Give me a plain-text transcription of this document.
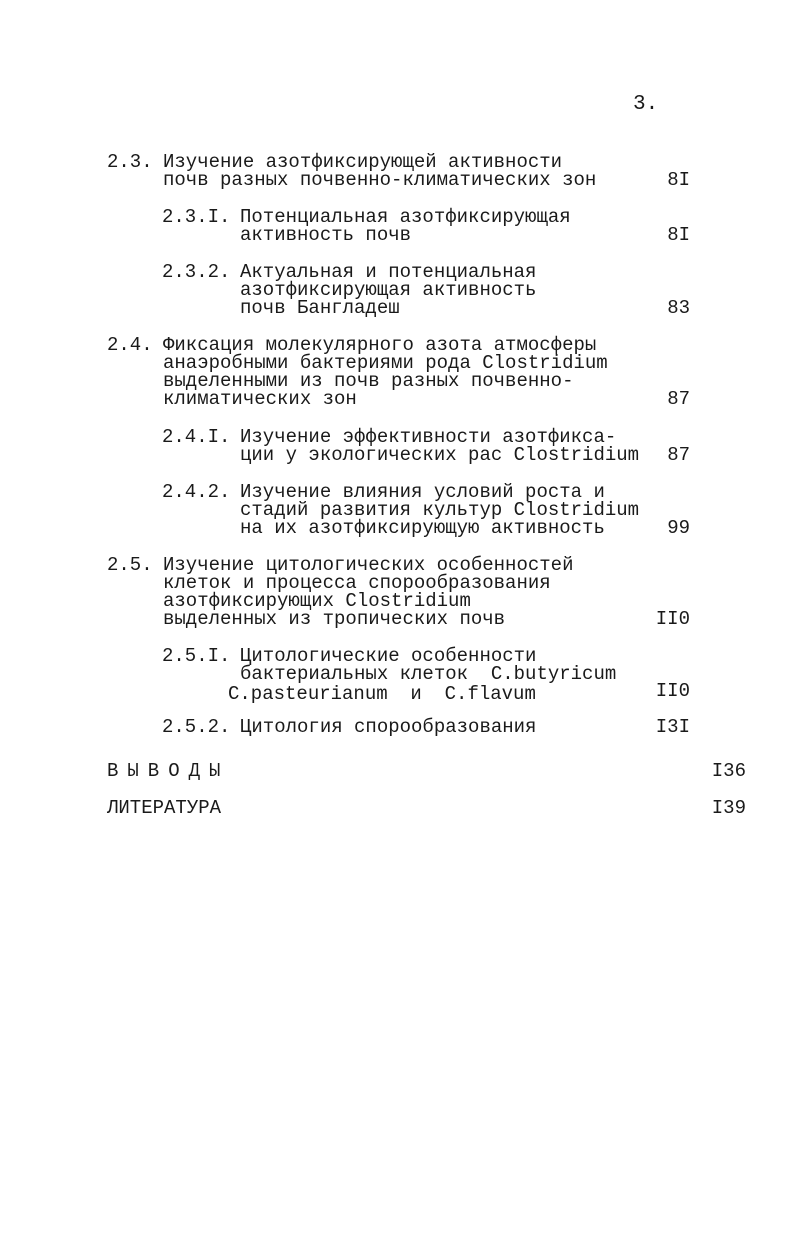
3.
2.3. Изучение азотфиксирующей активности
почв разных почвенно-климатических зон	8I
2.3.I. Потенциальная азотфиксирующая
активность почв	8I
2.3.2. Актуальная и потенциальная
азотфиксирующая активность
почв Бангладеш	83
2.4. Фиксация молекулярного азота атмосферы
анаэробными бактериями рода Clostridium
выделенными из почв разных почвенно-
климатических зон	87
2.4.I. Изучение эффективности азотфикса-
ции у экологических рас Clostridium	87
2.4.2. Изучение влияния условий роста и
стадий развития культур Clostridium
на их азотфиксирующую активность	99
2.5. Изучение цитологических особенностей
клеток и процесса спорообразования
азотфиксирующих Clostridium
выделенных из тропических почв	II0
2.5.I. Цитологические особенности
бактериальных клеток  C.butyricum
C.pasteurianum  и  C.flavum	II0
2.5.2. Цитология спорообразования	I3I
ВЫВОДЫ	I36
ЛИТЕРАТУРА	I39
